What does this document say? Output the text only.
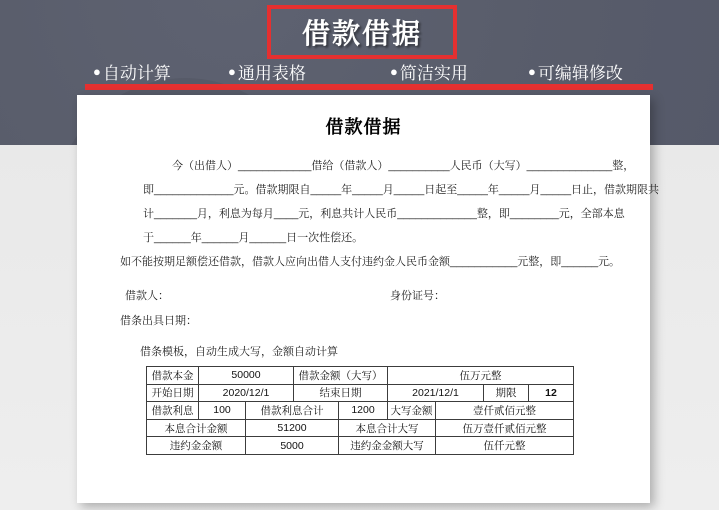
借款借据
● 自动计算	● 通用表格	● 简洁实用	● 可编辑修改
借款借据
今（出借人）____________借给（借款人）__________人民币（大写）______________整，
即_____________元。借款期限自_____年_____月_____日起至_____年_____月_____日止，借款期限共
计_______月，利息为每月____元，利息共计人民币_____________整，即________元，全部本息
于______年______月______日一次性偿还。
如不能按期足额偿还借款，借款人应向出借人支付违约金人民币金额___________元整，即______元。
借款人：	身份证号：
借条出具日期：
借条模板，自动生成大写，金额自动计算
借款本金	50000		借款金额（大写）		伍万元整			
开始日期	2020/12/1		结束日期		2021/12/1		期限	12
借款利息	100	借款利息合计		1200	大写金额	壹仟贰佰元整		
本息合计金额		51200		本息合计大写		伍万壹仟贰佰元整		
违约金金额		5000		违约金金额大写		伍仟元整		
